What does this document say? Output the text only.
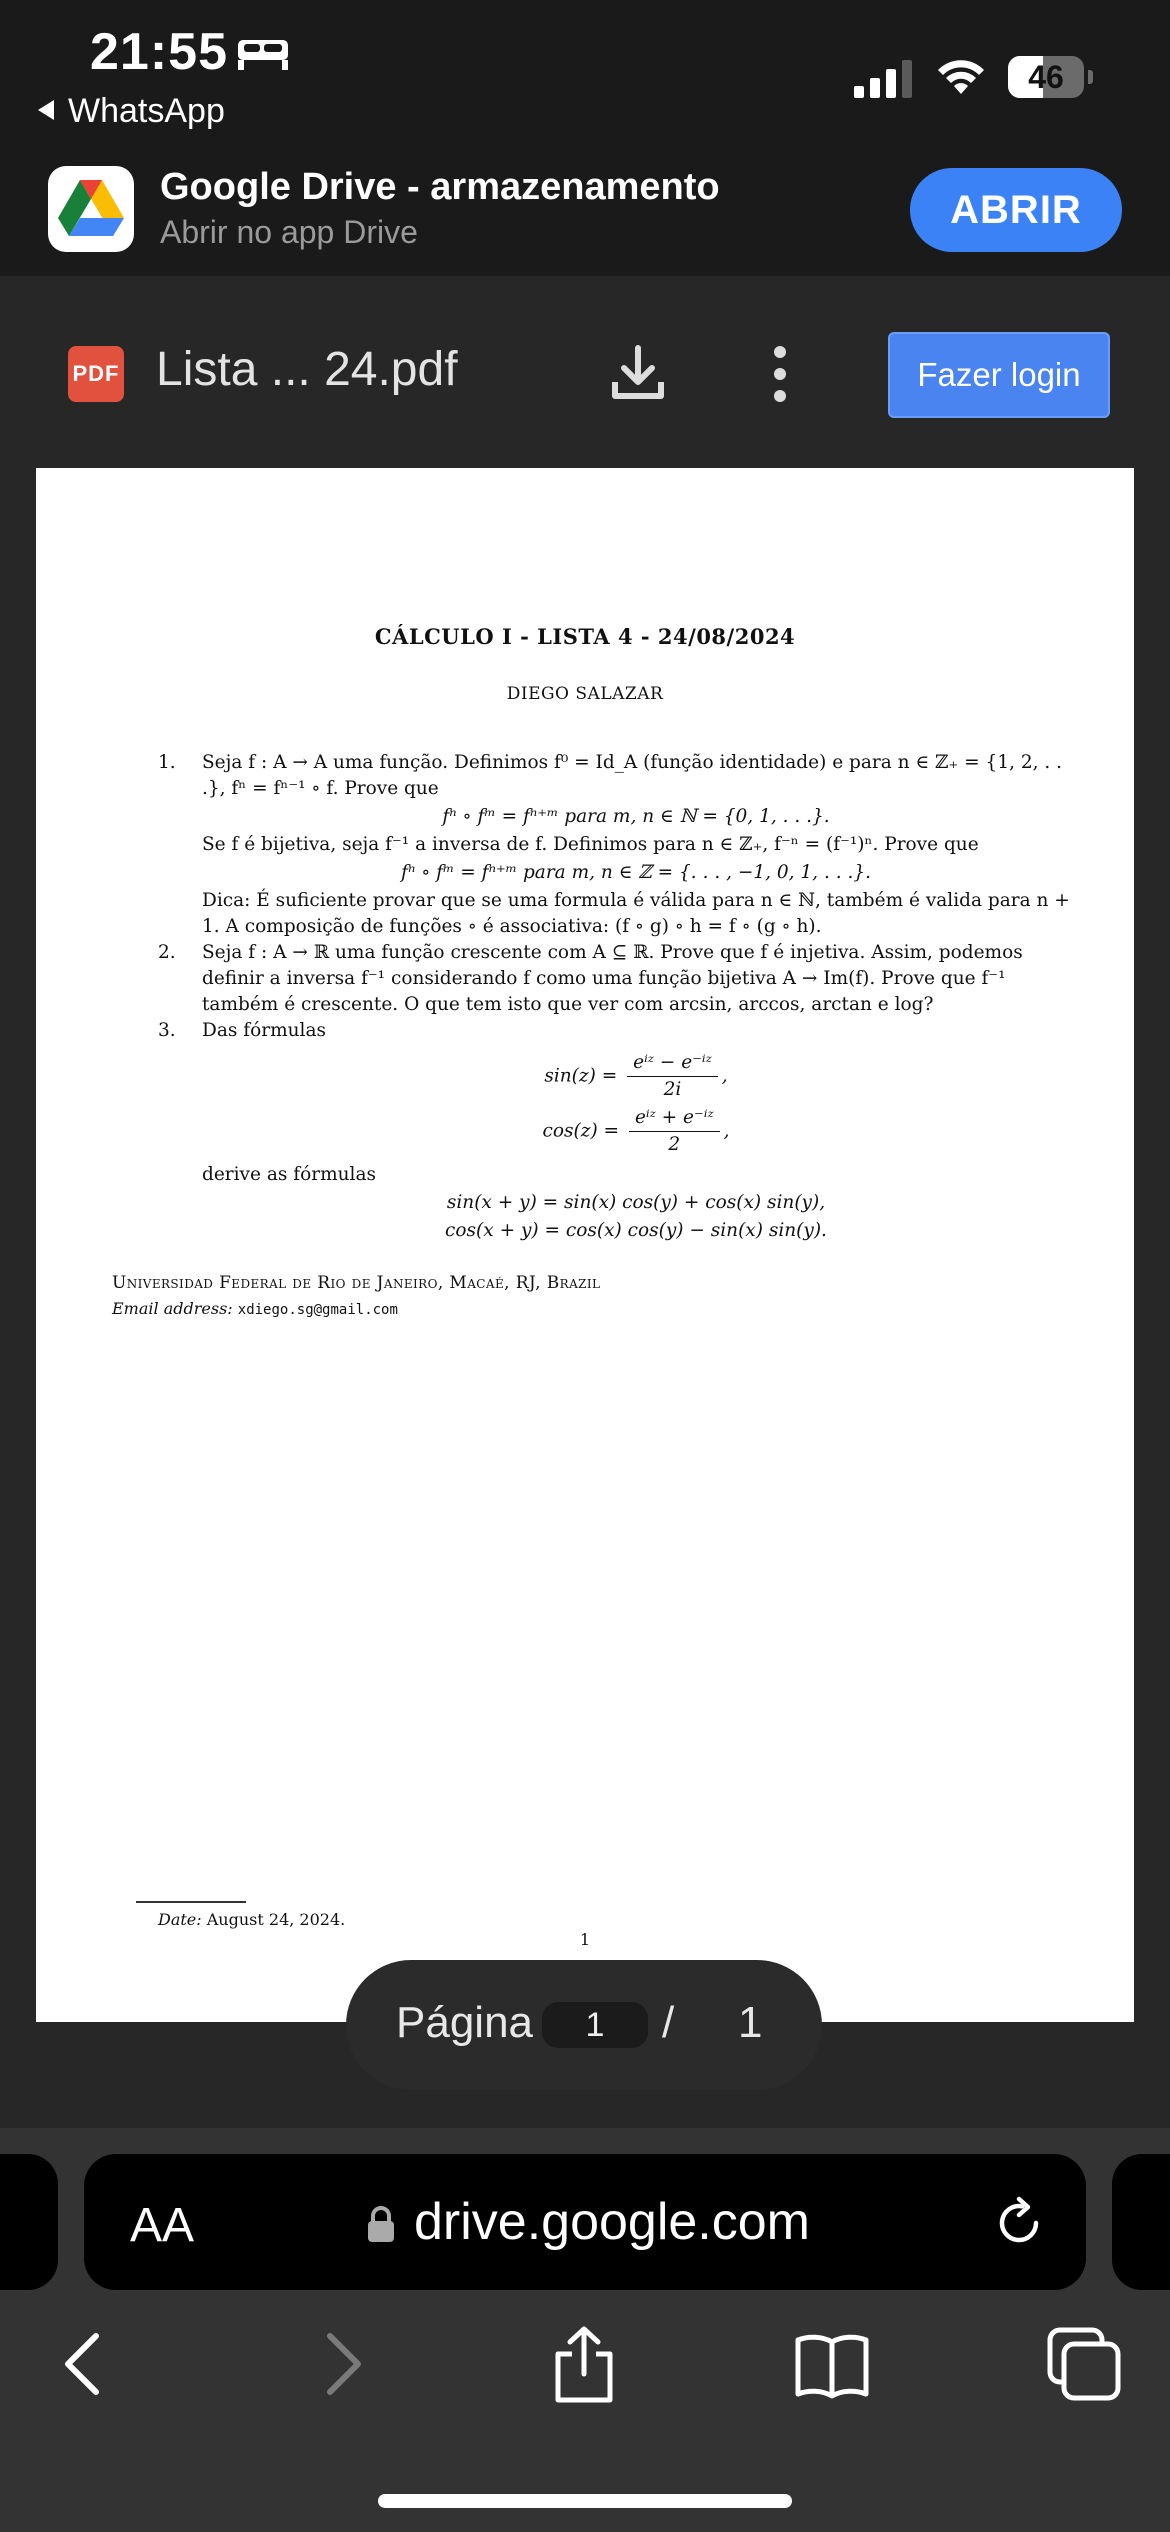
21:55
WhatsApp
46
Google Drive - armazenamento
Abrir no app Drive	ABRIR
PDF Lista ... 24.pdf	Fazer login
CÁLCULO I - LISTA 4 - 24/08/2024
DIEGO SALAZAR
1. Seja f : A → A uma função. Definimos f⁰ = Id_A (função identidade) e para n ∈ ℤ₊ = {1, 2, . . .}, fⁿ = fⁿ⁻¹ ∘ f. Prove que
fⁿ ∘ fᵐ = fⁿ⁺ᵐ para m, n ∈ ℕ = {0, 1, . . .}.
Se f é bijetiva, seja f⁻¹ a inversa de f. Definimos para n ∈ ℤ₊, f⁻ⁿ = (f⁻¹)ⁿ. Prove que
fⁿ ∘ fᵐ = fⁿ⁺ᵐ para m, n ∈ ℤ = {. . . , −1, 0, 1, . . .}.
Dica: É suficiente provar que se uma formula é válida para n ∈ ℕ, também é valida para n + 1. A composição de funções ∘ é associativa: (f ∘ g) ∘ h = f ∘ (g ∘ h).
2. Seja f : A → ℝ uma função crescente com A ⊆ ℝ. Prove que f é injetiva. Assim, podemos definir a inversa f⁻¹ considerando f como uma função bijetiva A → Im(f). Prove que f⁻¹ também é crescente. O que tem isto que ver com arcsin, arccos, arctan e log?
3. Das fórmulas
$\sin(z) = \frac{\text{eⁱᶻ − e⁻ⁱᶻ}}{2i}$ ,
$\cos(z) = \frac{\text{eⁱᶻ + e⁻ⁱᶻ}}{2}$ ,
derive as fórmulas
sin(x + y) = sin(x) cos(y) + cos(x) sin(y),
cos(x + y) = cos(x) cos(y) − sin(x) sin(y).
Universidad Federal de Rio de Janeiro, Macaé, RJ, Brazil
Email address: xdiego.sg@gmail.com
Date: August 24, 2024.
1
Página	1	/ 1
AA	drive.google.com
